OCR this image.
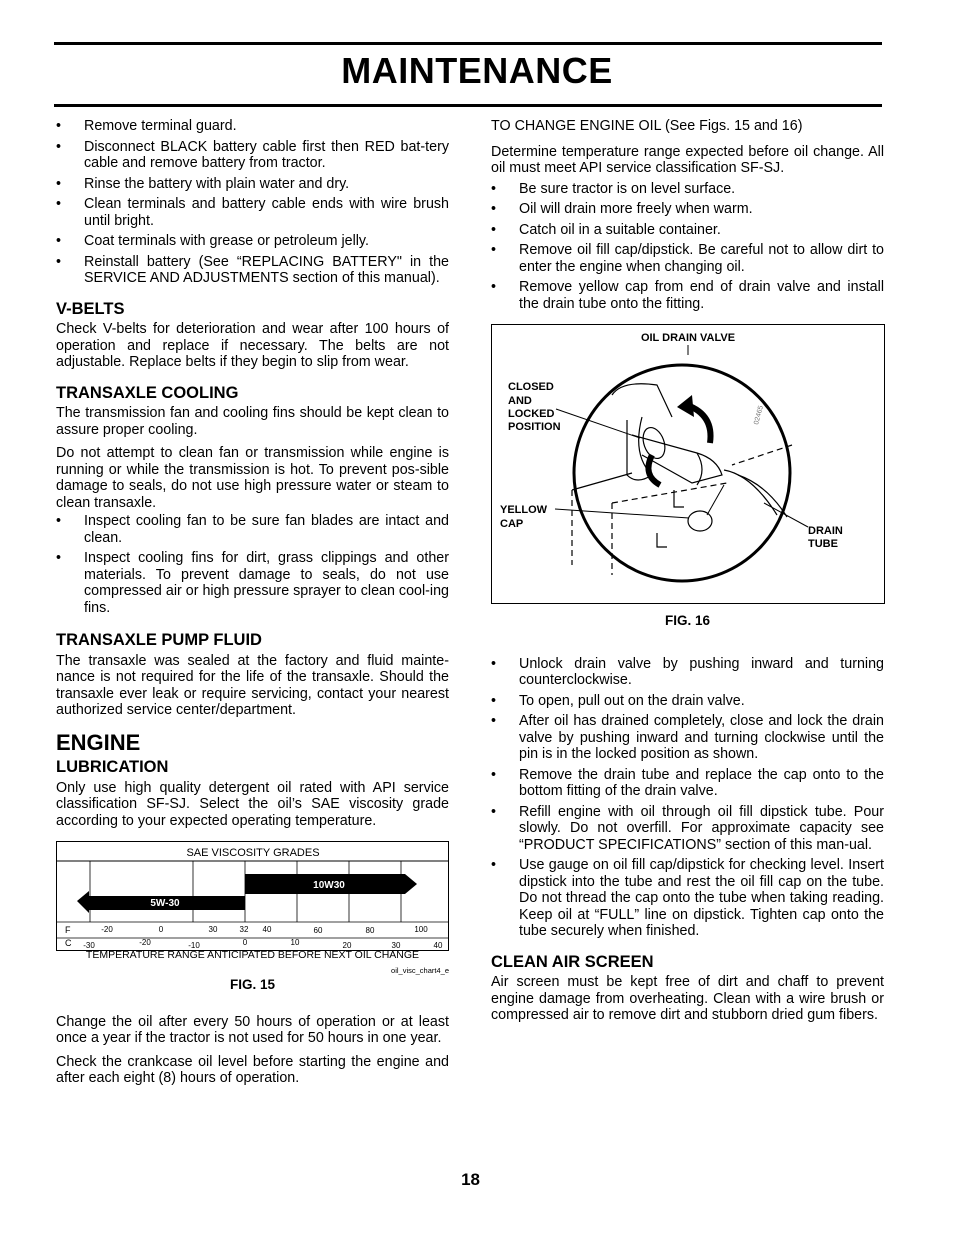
MAINTENANCE
• Remove terminal guard.
• Disconnect BLACK battery cable first then RED bat-tery cable and remove battery from tractor.
• Rinse the battery with plain water and dry.
• Clean terminals and battery cable ends with wire brush until bright.
• Coat terminals with grease or petroleum jelly.
• Reinstall battery (See “REPLACING BATTERY" in the SERVICE AND ADJUSTMENTS section of this manual).
V-BELTS

Check V-belts for deterioration and wear after 100 hours of operation and replace if necessary. The belts are not adjustable. Replace belts if they begin to slip from wear.

TRANSAXLE COOLING

The transmission fan and cooling fins should be kept clean to assure proper cooling.

Do not attempt to clean fan or transmission while engine is running or while the transmission is hot. To prevent pos-sible damage to seals, do not use high pressure water or steam to clean transaxle.

• Inspect cooling fan to be sure fan blades are intact and clean.
• Inspect cooling fins for dirt, grass clippings and other materials. To prevent damage to seals, do not use compressed air or high pressure sprayer to clean cool-ing fins.
TRANSAXLE PUMP FLUID

The transaxle was sealed at the factory and fluid mainte-nance is not required for the life of the transaxle. Should the transaxle ever leak or require servicing, contact your nearest authorized service center/department.

ENGINE
LUBRICATION

Only use high quality detergent oil rated with API service classification SF-SJ. Select the oil’s SAE viscosity grade according to your expected operating temperature.

SAE VISCOSITY GRADES
10W30
5W-30
F	-20	0	30	32 40	60	80	100
C -30	-20	-10	0	10	20	30	40
TEMPERATURE RANGE ANTICIPATED BEFORE NEXT OIL CHANGE
oil_visc_chart4_e
FIG. 15

Change the oil after every 50 hours of operation or at least once a year if the tractor is not used for 50 hours in one year.

Check the crankcase oil level before starting the engine and after each eight (8) hours of operation.

TO CHANGE ENGINE OIL (See Figs. 15 and 16)

Determine temperature range expected before oil change. All oil must meet API service classification SF-SJ.

• Be sure tractor is on level surface.
• Oil will drain more freely when warm.
• Catch oil in a suitable container.
• Remove oil fill cap/dipstick. Be careful not to allow dirt to enter the engine when changing oil.
• Remove yellow cap from end of drain valve and install the drain tube onto the fitting.
OIL DRAIN VALVE
02465
CLOSED
AND
LOCKED
POSITION
YELLOW
CAP
DRAIN
TUBE
FIG. 16
• Unlock drain valve by pushing inward and turning counterclockwise.
• To open, pull out on the drain valve.
• After oil has drained completely, close and lock the drain valve by pushing inward and turning clockwise until the pin is in the locked position as shown.
• Remove the drain tube and replace the cap onto to the bottom fitting of the drain valve.
• Refill engine with oil through oil fill dipstick tube. Pour slowly. Do not overfill. For approximate capacity see “PRODUCT SPECIFICATIONS” section of this man-ual.
• Use gauge on oil fill cap/dipstick for checking level. Insert dipstick into the tube and rest the oil fill cap on the tube. Do not thread the cap onto the tube when taking reading. Keep oil at “FULL” line on dipstick. Tighten cap onto the tube securely when finished.
CLEAN AIR SCREEN

Air screen must be kept free of dirt and chaff to prevent engine damage from overheating. Clean with a wire brush or compressed air to remove dirt and stubborn dried gum fibers.

18
